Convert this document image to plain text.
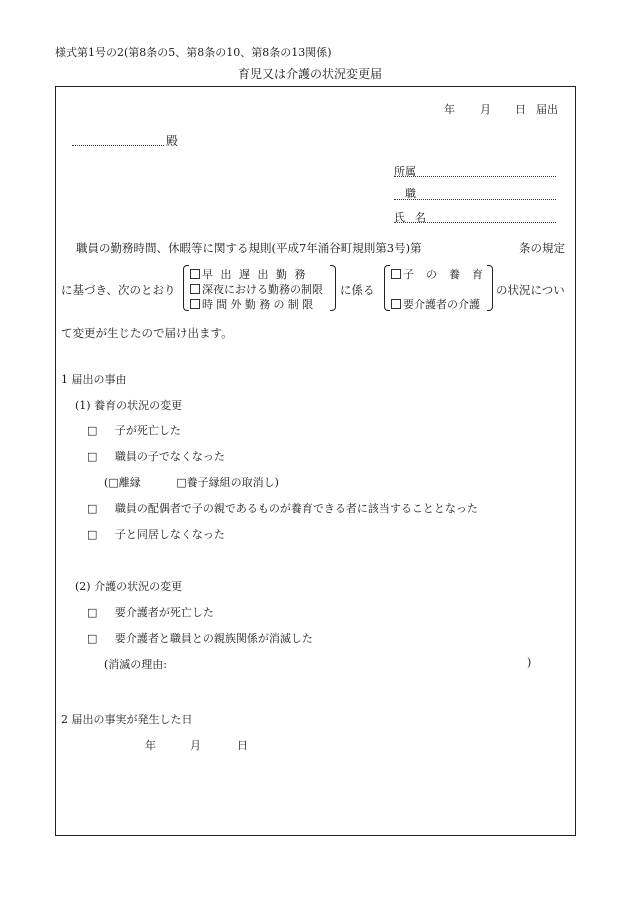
様式第1号の2(第8条の5、第8条の10、第8条の13関係)
育児又は介護の状況変更届
年 月 日 届出
殿
所属
職
氏名
職員の勤務時間、休暇等に関する規則(平成7年涌谷町規則第3号)第	条の規定
に基づき、次のとおり
早出遅出勤務
深夜における勤務の制限
時間外勤務の制限
に係る
子の養育
要介護者の介護
の状況につい
て変更が生じたので届け出ます。
1 届出の事由
(1) 養育の状況の変更
□ 子が死亡した
□ 職員の子でなくなった
(□離縁	□養子縁組の取消し)
□ 職員の配偶者で子の親であるものが養育できる者に該当することとなった
□ 子と同居しなくなった
(2) 介護の状況の変更
□ 要介護者が死亡した
□ 要介護者と職員との親族関係が消滅した
(消滅の理由:	)
2 届出の事実が発生した日
年	月	日
